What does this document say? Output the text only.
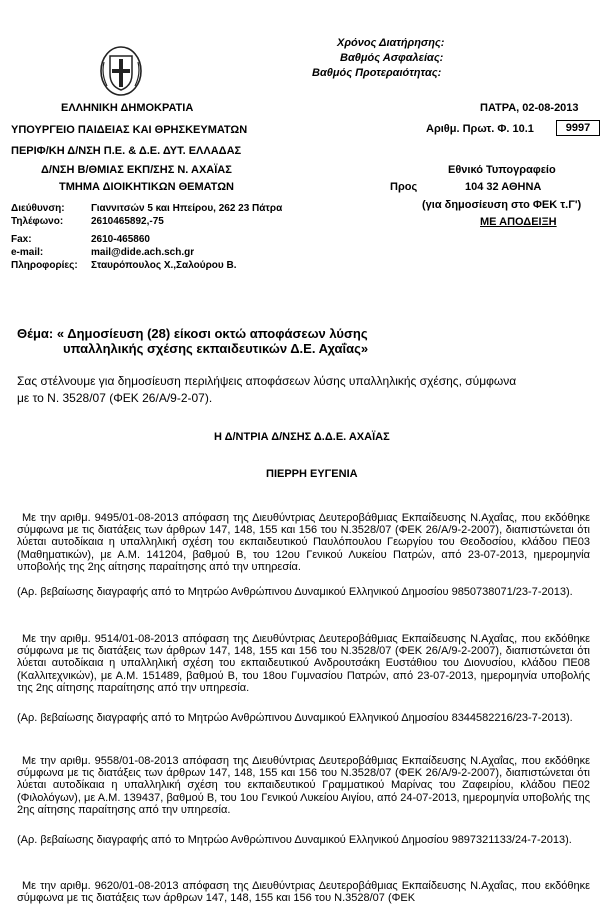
Χρόνος Διατήρησης:
Βαθμός Ασφαλείας:
Βαθμός Προτεραιότητας:
ΕΛΛΗΝΙΚΗ ΔΗΜΟΚΡΑΤΙΑ
ΥΠΟΥΡΓΕΙΟ ΠΑΙΔΕΙΑΣ ΚΑΙ ΘΡΗΣΚΕΥΜΑΤΩΝ
ΠΕΡΙΦ/ΚΗ Δ/ΝΣΗ Π.Ε. & Δ.Ε. ΔΥΤ. ΕΛΛΑΔΑΣ
Δ/ΝΣΗ Β/ΘΜΙΑΣ ΕΚΠ/ΣΗΣ Ν. ΑΧΑΪΑΣ
ΤΜΗΜΑ ΔΙΟΙΚΗΤΙΚΩΝ ΘΕΜΑΤΩΝ
ΠΑΤΡΑ, 02-08-2013
Αριθμ. Πρωτ. Φ. 10.1	9997
Εθνικό Τυπογραφείο
Προς	104 32 ΑΘΗΝΑ
(για δημοσίευση στο ΦΕΚ τ.Γ')
ΜΕ ΑΠΟΔΕΙΞΗ
Διεύθυνση:	Γιαννιτσών 5 και Ηπείρου, 262 23 Πάτρα
Τηλέφωνο:	2610465892,-75
Fax:	2610-465860
e-mail:	mail@dide.ach.sch.gr
Πληροφορίες: Σταυρόπουλος Χ.,Σαλούρου Β.
Θέμα: « Δημοσίευση (28) είκοσι οκτώ αποφάσεων λύσης
υπαλληλικής σχέσης εκπαιδευτικών Δ.Ε. Αχαΐας»
Σας στέλνουμε για δημοσίευση περιλήψεις αποφάσεων λύσης υπαλληλικής σχέσης, σύμφωνα
με το Ν. 3528/07 (ΦΕΚ 26/Α/9-2-07).
Η Δ/ΝΤΡΙΑ Δ/ΝΣΗΣ Δ.Δ.Ε. ΑΧΑΪΑΣ
ΠΙΕΡΡΗ ΕΥΓΕΝΙΑ
Με την αριθμ. 9495/01-08-2013 απόφαση της Διευθύντριας Δευτεροβάθμιας Εκπαίδευσης Ν.Αχαΐας, που εκδόθηκε σύμφωνα με τις διατάξεις των άρθρων 147, 148, 155 και 156 του Ν.3528/07 (ΦΕΚ 26/Α/9-2-2007), διαπιστώνεται ότι λύεται αυτοδίκαια η υπαλληλική σχέση του εκπαιδευτικού Παυλόπουλου Γεωργίου του Θεοδοσίου, κλάδου ΠΕ03 (Μαθηματικών), με Α.Μ. 141204, βαθμού Β, του 12ου Γενικού Λυκείου Πατρών, από 23-07-2013, ημερομηνία υποβολής της 2ης αίτησης παραίτησης από την υπηρεσία.
(Αρ. βεβαίωσης διαγραφής από το Μητρώο Ανθρώπινου Δυναμικού Ελληνικού Δημοσίου 9850738071/23-7-2013).
Με την αριθμ. 9514/01-08-2013 απόφαση της Διευθύντριας Δευτεροβάθμιας Εκπαίδευσης Ν.Αχαΐας, που εκδόθηκε σύμφωνα με τις διατάξεις των άρθρων 147, 148, 155 και 156 του Ν.3528/07 (ΦΕΚ 26/Α/9-2-2007), διαπιστώνεται ότι λύεται αυτοδίκαια η υπαλληλική σχέση του εκπαιδευτικού Ανδρουτσάκη Ευστάθιου του Διονυσίου, κλάδου ΠΕ08 (Καλλιτεχνικών), με Α.Μ. 151489, βαθμού Β, του 18ου Γυμνασίου Πατρών, από 23-07-2013, ημερομηνία υποβολής της 2ης αίτησης παραίτησης από την υπηρεσία.
(Αρ. βεβαίωσης διαγραφής από το Μητρώο Ανθρώπινου Δυναμικού Ελληνικού Δημοσίου 8344582216/23-7-2013).
Με την αριθμ. 9558/01-08-2013 απόφαση της Διευθύντριας Δευτεροβάθμιας Εκπαίδευσης Ν.Αχαΐας, που εκδόθηκε σύμφωνα με τις διατάξεις των άρθρων 147, 148, 155 και 156 του Ν.3528/07 (ΦΕΚ 26/Α/9-2-2007), διαπιστώνεται ότι λύεται αυτοδίκαια η υπαλληλική σχέση του εκπαιδευτικού Γραμματικού Μαρίνας του Ζαφειρίου, κλάδου ΠΕ02 (Φιλολόγων), με Α.Μ. 139437, βαθμού Β, του 1ου Γενικού Λυκείου Αιγίου, από 24-07-2013, ημερομηνία υποβολής της 2ης αίτησης παραίτησης από την υπηρεσία.
(Αρ. βεβαίωσης διαγραφής από το Μητρώο Ανθρώπινου Δυναμικού Ελληνικού Δημοσίου 9897321133/24-7-2013).
Με την αριθμ. 9620/01-08-2013 απόφαση της Διευθύντριας Δευτεροβάθμιας Εκπαίδευσης Ν.Αχαΐας, που εκδόθηκε σύμφωνα με τις διατάξεις των άρθρων 147, 148, 155 και 156 του Ν.3528/07 (ΦΕΚ
